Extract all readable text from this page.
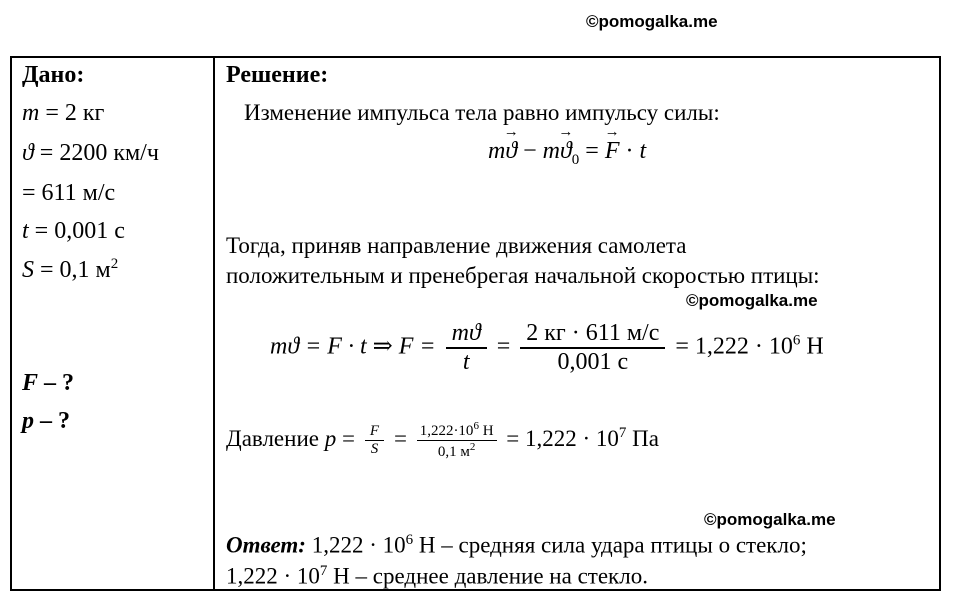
©pomogalka.me
©pomogalka.me
©pomogalka.me
Дано:
m = 2 кг
ϑ = 2200 км/ч
= 611 м/с
t = 0,001 с
S = 0,1 $м^2$
F – ?
p – ?
Решение:
Изменение импульса тела равно импульсу силы:
$m\to ϑ - m\to ϑ_0$ = → F · t
Тогда, приняв направление движения самолета
положительным и пренебрегая начальной скоростью птицы:
mϑ = F · t ⇒ $F = \frac{mϑ}{t} = \frac{2 кг \cdot 611 м/с}{0,001 с} = 1,222 \cdot 10^6$ Н
Давление $p = \frac{F}{S} = \frac{1,222\cdot 10^6 Н}{0,1 м^2} = 1,222 \cdot 10^7$ Па
Ответ: $1,222 \cdot 10^6$ Н – средняя сила удара птицы о стекло;
$1,222 \cdot 10^7$ Н – среднее давление на стекло.
